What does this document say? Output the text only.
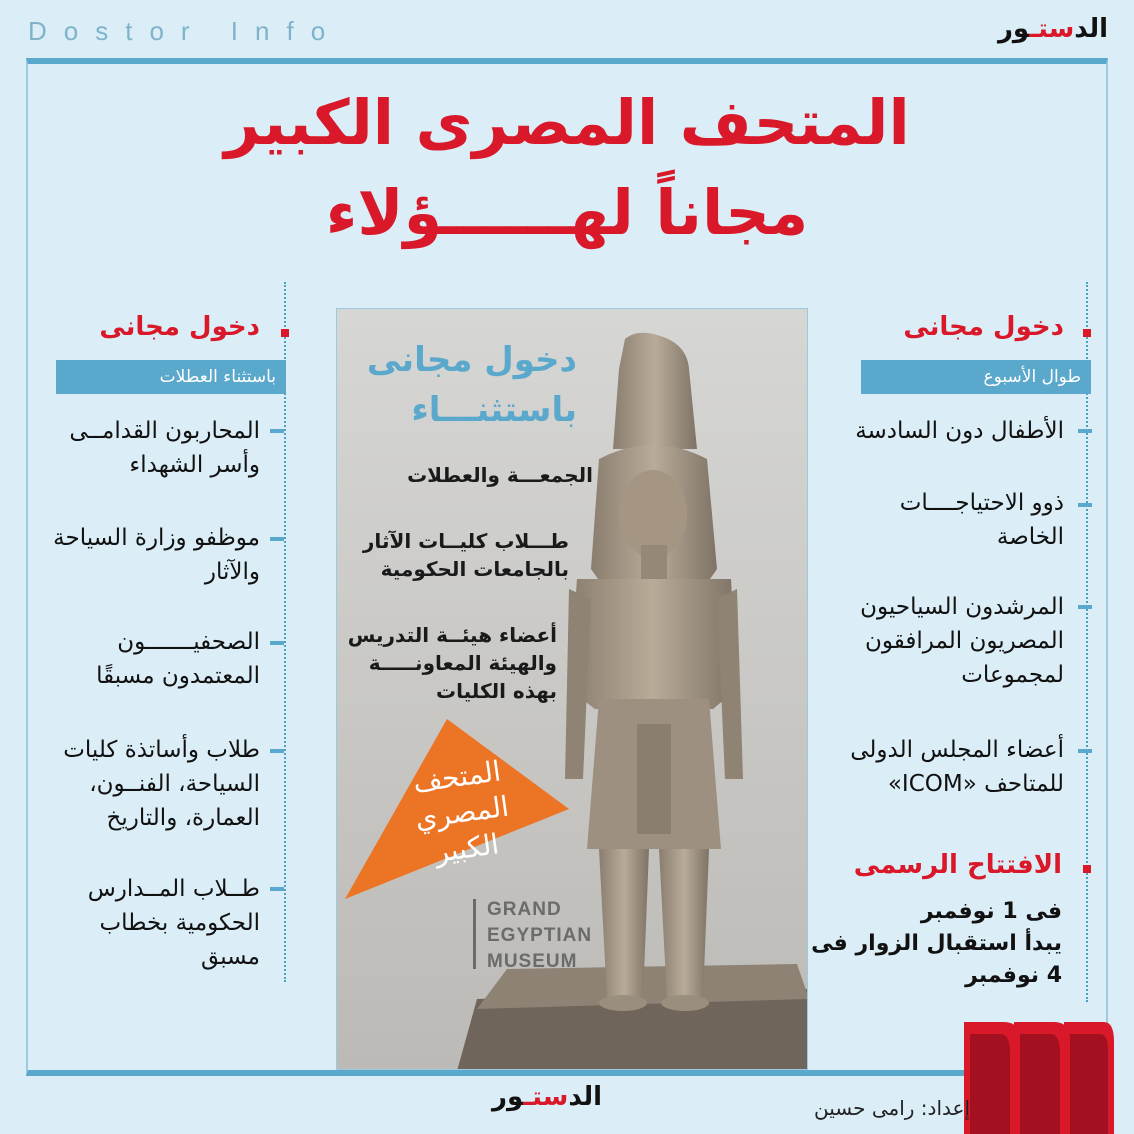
Dostor Info	الدستـور
المتحف المصرى الكبير
مجاناً لهــــــؤلاء
دخول مجانى
طوال الأسبوع
الأطفال دون السادسة
ذوو الاحتياجــــات
الخاصة
المرشدون السياحيون
المصريون المرافقون
لمجموعات
أعضاء المجلس الدولى
للمتاحف «ICOM»
الافتتاح الرسمى
فى 1 نوفمبر
يبدأ استقبال الزوار فى
4 نوفمبر
دخول مجانى
باستثناء العطلات
المحاربون القدامــى
وأسر الشهداء
موظفو وزارة السياحة
والآثار
الصحفيـــــــون
المعتمدون مسبقًا
طلاب وأساتذة كليات
السياحة، الفنــون،
العمارة، والتاريخ
طــلاب المــدارس
الحكومية بخطاب
مسبق
دخول مجانى
باستثنـــاء
الجمعـــة والعطلات
طـــلاب كليــات الآثار
بالجامعات الحكومية
أعضاء هيئــة التدريس
والهيئة المعاونـــــة
بهذه الكليات
المتحف
المصري
الكبير
GRAND
EGYPTIAN
MUSEUM
الدستـور	إعداد: رامى حسين
